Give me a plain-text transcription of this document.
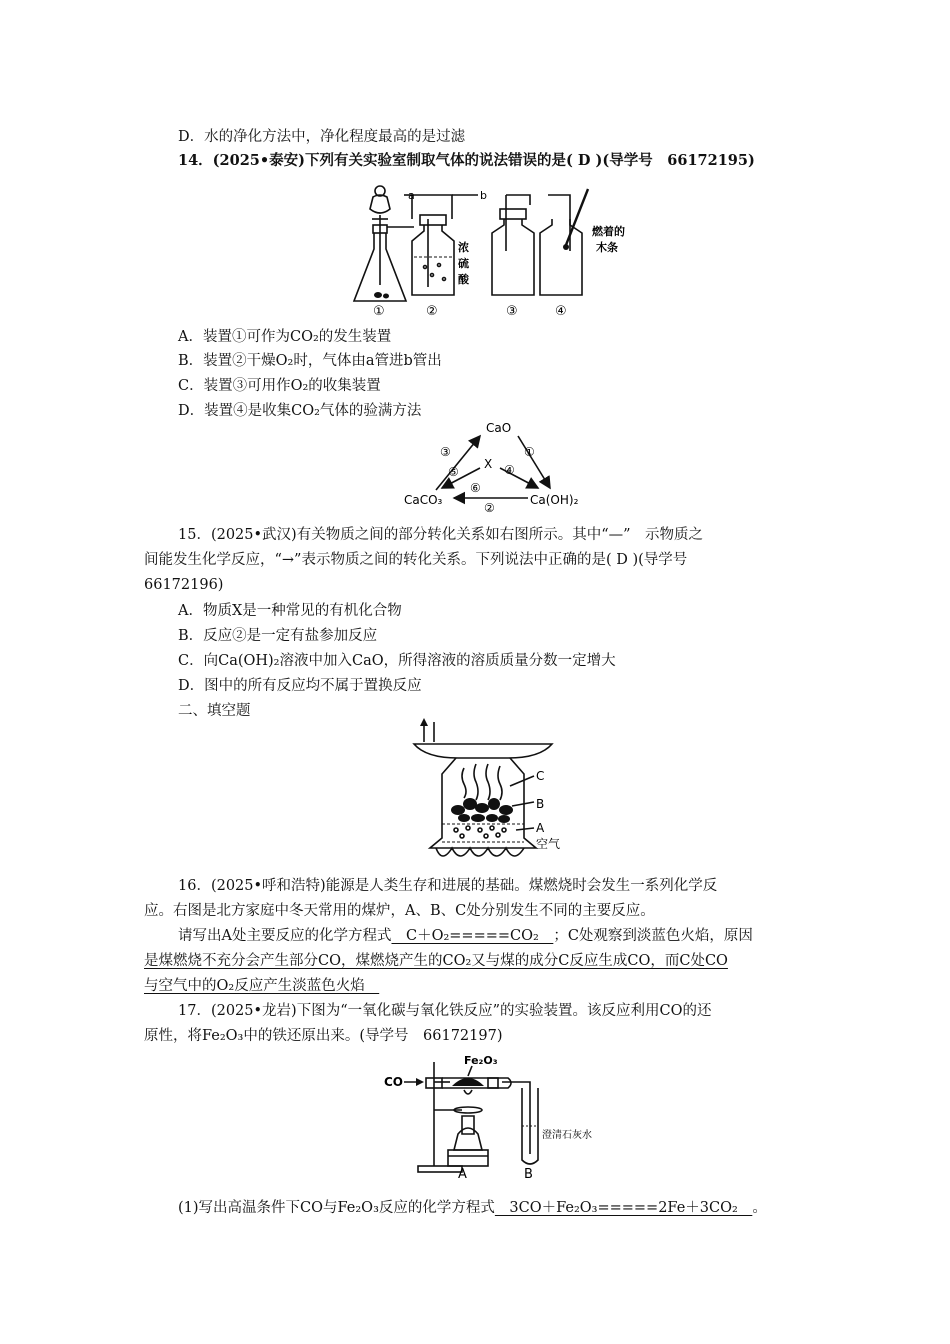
D．水的净化方法中，净化程度最高的是过滤
14．(2025•泰安)下列有关实验室制取气体的说法错误的是( D )(导学号　66172195)
①
a	b
浓
硫
酸
②	③
燃着的
木条
④
A．装置①可作为CO₂的发生装置
B．装置②干燥O₂时，气体由a管进b管出
C．装置③可用作O₂的收集装置
D．装置④是收集CO₂气体的验满方法
CaO
CaCO₃	Ca(OH)₂
X
③	①
⑤	④
⑥
②
15．(2025•武汉)有关物质之间的部分转化关系如右图所示。其中“—”　示物质之
间能发生化学反应，“→”表示物质之间的转化关系。下列说法中正确的是( D )(导学号
66172196)
A．物质X是一种常见的有机化合物
B．反应②是一定有盐参加反应
C．向Ca(OH)₂溶液中加入CaO，所得溶液的溶质质量分数一定增大
D．图中的所有反应均不属于置换反应
二、填空题
C
B
A
空气
16．(2025•呼和浩特)能源是人类生存和进展的基础。煤燃烧时会发生一系列化学反
应。右图是北方家庭中冬天常用的煤炉，A、B、C处分别发生不同的主要反应。
请写出A处主要反应的化学方程式　C＋O₂=====CO₂　；C处观察到淡蓝色火焰，原因
是煤燃烧不充分会产生部分CO，煤燃烧产生的CO₂又与煤的成分C反应生成CO，而C处CO
与空气中的O₂反应产生淡蓝色火焰　
17．(2025•龙岩)下图为“一氧化碳与氧化铁反应”的实验装置。该反应利用CO的还
原性，将Fe₂O₃中的铁还原出来。(导学号　66172197)
CO
Fe₂O₃
澄清石灰水
A	B
(1)写出高温条件下CO与Fe₂O₃反应的化学方程式　3CO＋Fe₂O₃=====2Fe＋3CO₂　。
